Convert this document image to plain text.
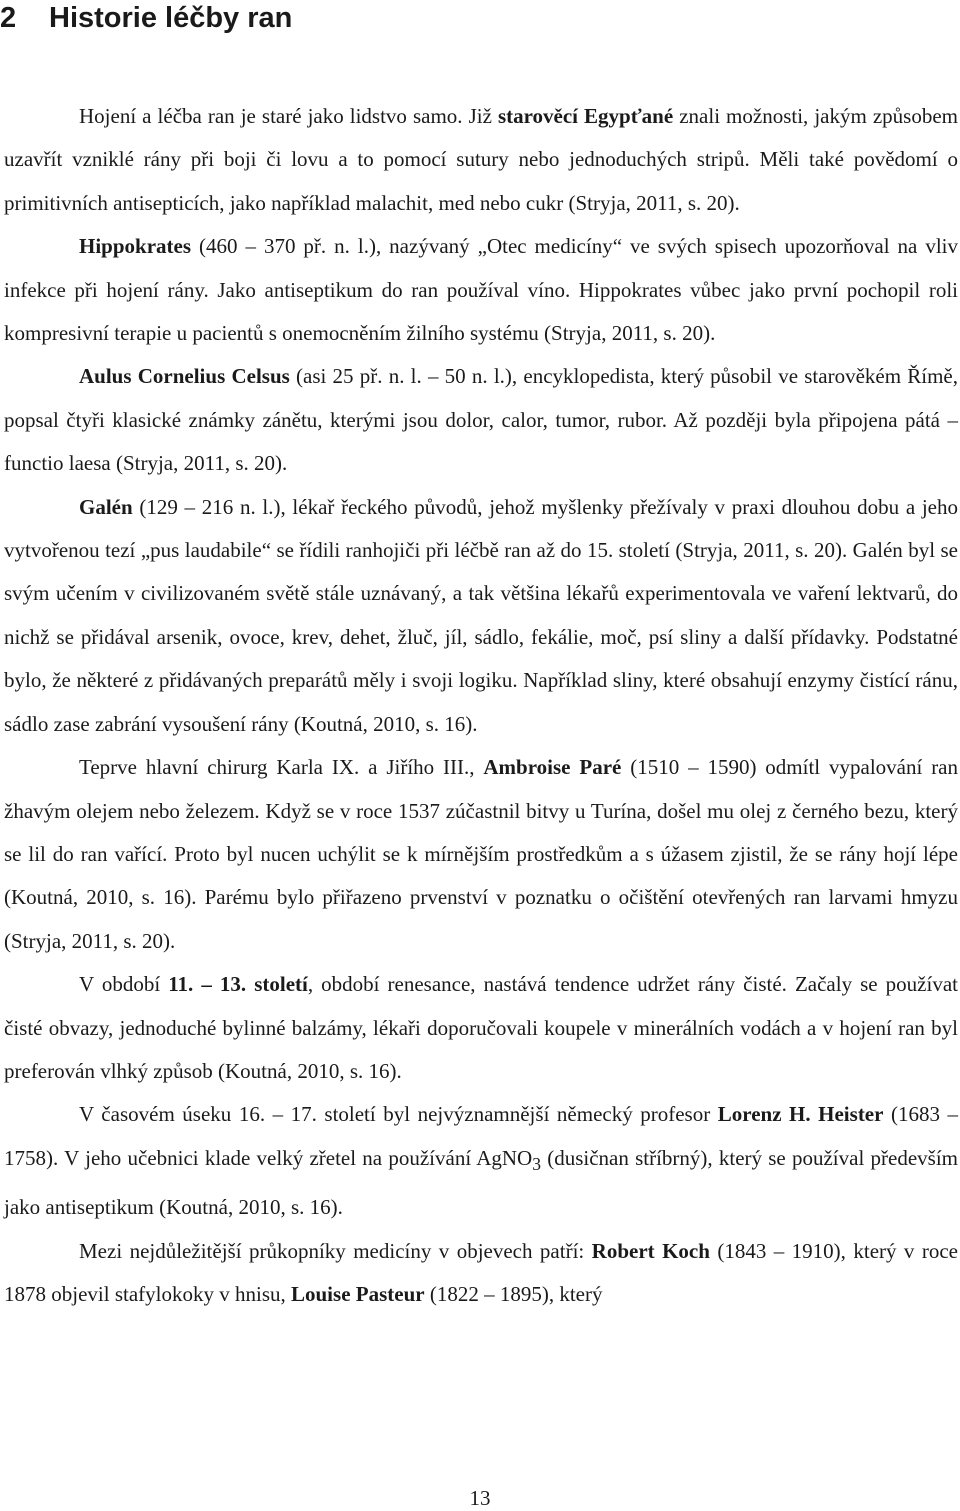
2 Historie léčby ran

Hojení a léčba ran je staré jako lidstvo samo. Již starověcí Egypťané znali možnosti, jakým způsobem uzavřít vzniklé rány při boji či lovu a to pomocí sutury nebo jednoduchých stripů. Měli také povědomí o primitivních antisepticích, jako například malachit, med nebo cukr (Stryja, 2011, s. 20).

Hippokrates (460 – 370 př. n. l.), nazývaný „Otec medicíny“ ve svých spisech upozorňoval na vliv infekce při hojení rány. Jako antiseptikum do ran používal víno. Hippokrates vůbec jako první pochopil roli kompresivní terapie u pacientů s onemocněním žilního systému (Stryja, 2011, s. 20).

Aulus Cornelius Celsus (asi 25 př. n. l. – 50 n. l.), encyklopedista, který působil ve starověkém Římě, popsal čtyři klasické známky zánětu, kterými jsou dolor, calor, tumor, rubor. Až později byla připojena pátá – functio laesa (Stryja, 2011, s. 20).

Galén (129 – 216 n. l.), lékař řeckého původů, jehož myšlenky přežívaly v praxi dlouhou dobu a jeho vytvořenou tezí „pus laudabile“ se řídili ranhojiči při léčbě ran až do 15. století (Stryja, 2011, s. 20). Galén byl se svým učením v civilizovaném světě stále uznávaný, a tak většina lékařů experimentovala ve vaření lektvarů, do nichž se přidával arsenik, ovoce, krev, dehet, žluč, jíl, sádlo, fekálie, moč, psí sliny a další přídavky. Podstatné bylo, že některé z přidávaných preparátů měly i svoji logiku. Například sliny, které obsahují enzymy čistící ránu, sádlo zase zabrání vysoušení rány (Koutná, 2010, s. 16).

Teprve hlavní chirurg Karla IX. a Jiřího III., Ambroise Paré (1510 – 1590) odmítl vypalování ran žhavým olejem nebo železem. Když se v roce 1537 zúčastnil bitvy u Turína, došel mu olej z černého bezu, který se lil do ran vařící. Proto byl nucen uchýlit se k mírnějším prostředkům a s úžasem zjistil, že se rány hojí lépe (Koutná, 2010, s. 16). Parému bylo přiřazeno prvenství v poznatku o očištění otevřených ran larvami hmyzu (Stryja, 2011, s. 20).

V období 11. – 13. století, období renesance, nastává tendence udržet rány čisté. Začaly se používat čisté obvazy, jednoduché bylinné balzámy, lékaři doporučovali koupele v minerálních vodách a v hojení ran byl preferován vlhký způsob (Koutná, 2010, s. 16).

V časovém úseku 16. – 17. století byl nejvýznamnější německý profesor Lorenz H. Heister (1683 – 1758). V jeho učebnici klade velký zřetel na používání AgNO$_3$ (dusičnan stříbrný), který se používal především jako antiseptikum (Koutná, 2010, s. 16).

Mezi nejdůležitější průkopníky medicíny v objevech patří: Robert Koch (1843 – 1910), který v roce 1878 objevil stafylokoky v hnisu, Louise Pasteur (1822 – 1895), který

13
